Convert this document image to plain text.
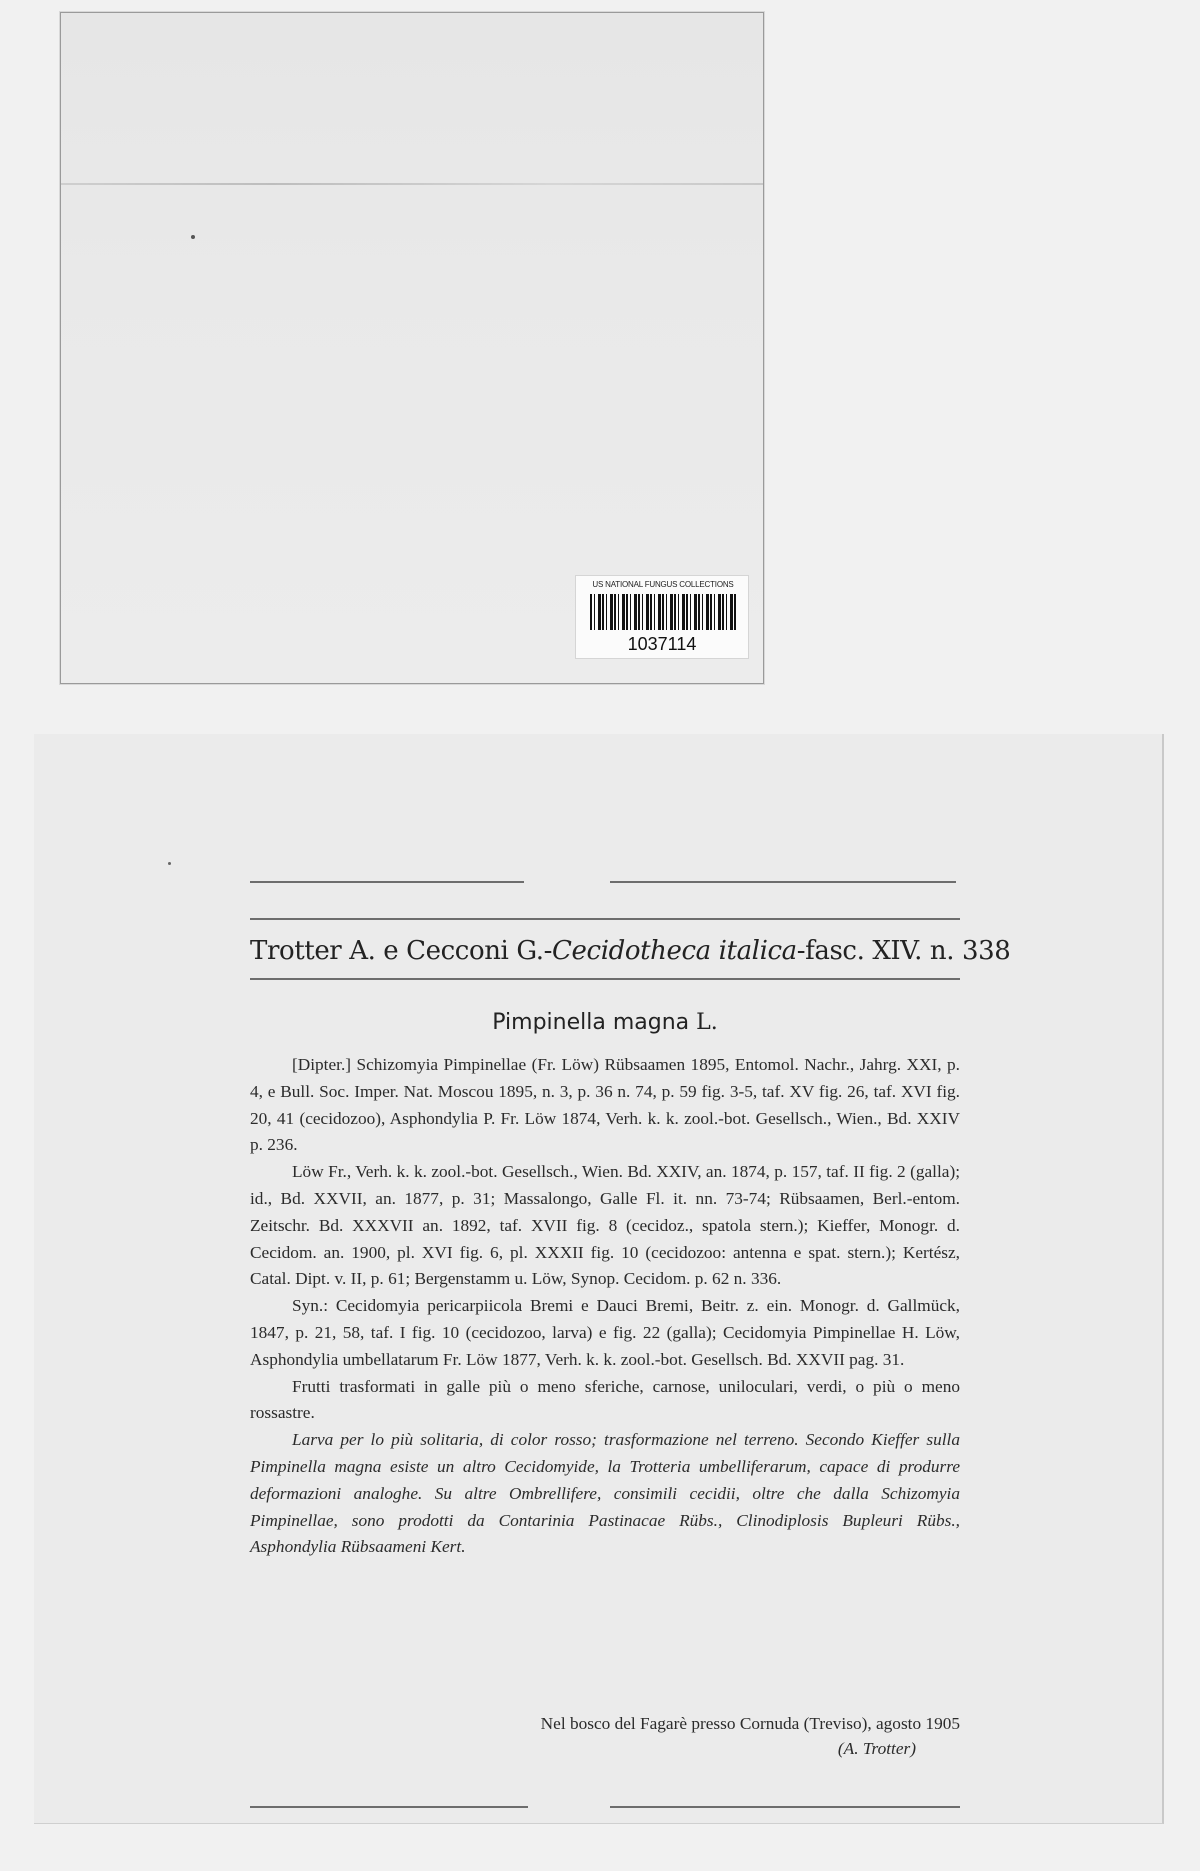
US NATIONAL FUNGUS COLLECTIONS
1037114
Trotter A. e Cecconi G.-Cecidotheca italica-fasc. XIV. n. 338
Pimpinella magna L.

[Dipter.] Schizomyia Pimpinellae (Fr. Löw) Rübsaamen 1895, Entomol. Nachr., Jahrg. XXI, p. 4, e Bull. Soc. Imper. Nat. Moscou 1895, n. 3, p. 36 n. 74, p. 59 fig. 3-5, taf. XV fig. 26, taf. XVI fig. 20, 41 (cecidozoo), Asphondylia P. Fr. Löw 1874, Verh. k. k. zool.-bot. Gesellsch., Wien., Bd. XXIV p. 236.

Löw Fr., Verh. k. k. zool.-bot. Gesellsch., Wien. Bd. XXIV, an. 1874, p. 157, taf. II fig. 2 (galla); id., Bd. XXVII, an. 1877, p. 31; Massalongo, Galle Fl. it. nn. 73-74; Rübsaamen, Berl.-entom. Zeitschr. Bd. XXXVII an. 1892, taf. XVII fig. 8 (cecidoz., spatola stern.); Kieffer, Monogr. d. Cecidom. an. 1900, pl. XVI fig. 6, pl. XXXII fig. 10 (cecidozoo: antenna e spat. stern.); Kertész, Catal. Dipt. v. II, p. 61; Bergenstamm u. Löw, Synop. Cecidom. p. 62 n. 336.

Syn.: Cecidomyia pericarpiicola Bremi e Dauci Bremi, Beitr. z. ein. Monogr. d. Gallmück, 1847, p. 21, 58, taf. I fig. 10 (cecidozoo, larva) e fig. 22 (galla); Cecidomyia Pimpinellae H. Löw, Asphondylia umbellatarum Fr. Löw 1877, Verh. k. k. zool.-bot. Gesellsch. Bd. XXVII pag. 31.

Frutti trasformati in galle più o meno sferiche, carnose, uniloculari, verdi, o più o meno rossastre.

Larva per lo più solitaria, di color rosso; trasformazione nel terreno. Secondo Kieffer sulla Pimpinella magna esiste un altro Cecidomyide, la Trotteria umbelliferarum, capace di produrre deformazioni analoghe. Su altre Ombrellifere, consimili cecidii, oltre che dalla Schizomyia Pimpinellae, sono prodotti da Contarinia Pastinacae Rübs., Clinodiplosis Bupleuri Rübs., Asphondylia Rübsaameni Kert.

Nel bosco del Fagarè presso Cornuda (Treviso), agosto 1905
(A. Trotter)
